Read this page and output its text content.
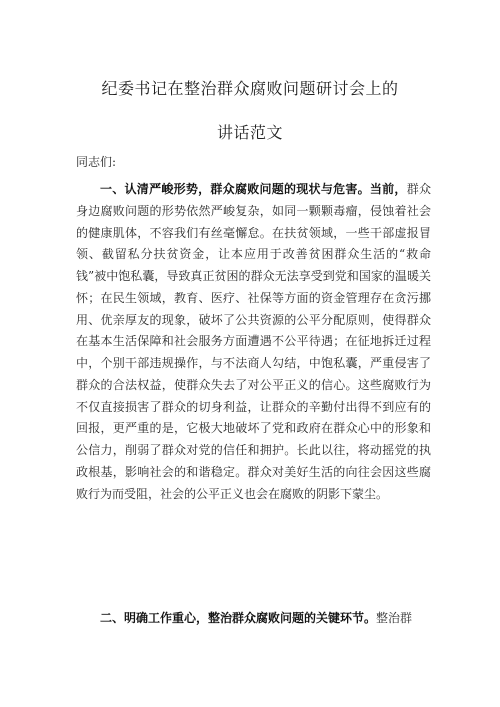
纪委书记在整治群众腐败问题研讨会上的
讲话范文
同志们:

一、认清严峻形势，群众腐败问题的现状与危害。当前，群众身边腐败问题的形势依然严峻复杂，如同一颗颗毒瘤，侵蚀着社会的健康肌体，不容我们有丝毫懈怠。在扶贫领域，一些干部虚报冒领、截留私分扶贫资金，让本应用于改善贫困群众生活的“救命钱”被中饱私囊，导致真正贫困的群众无法享受到党和国家的温暖关怀；在民生领域，教育、医疗、社保等方面的资金管理存在贪污挪用、优亲厚友的现象，破坏了公共资源的公平分配原则，使得群众在基本生活保障和社会服务方面遭遇不公平待遇；在征地拆迁过程中，个别干部违规操作，与不法商人勾结，中饱私囊，严重侵害了群众的合法权益，使群众失去了对公平正义的信心。这些腐败行为不仅直接损害了群众的切身利益，让群众的辛勤付出得不到应有的回报，更严重的是，它极大地破坏了党和政府在群众心中的形象和公信力，削弱了群众对党的信任和拥护。长此以往，将动摇党的执政根基，影响社会的和谐稳定。群众对美好生活的向往会因这些腐败行为而受阻，社会的公平正义也会在腐败的阴影下蒙尘。

二、明确工作重心，整治群众腐败问题的关键环节。整治群
